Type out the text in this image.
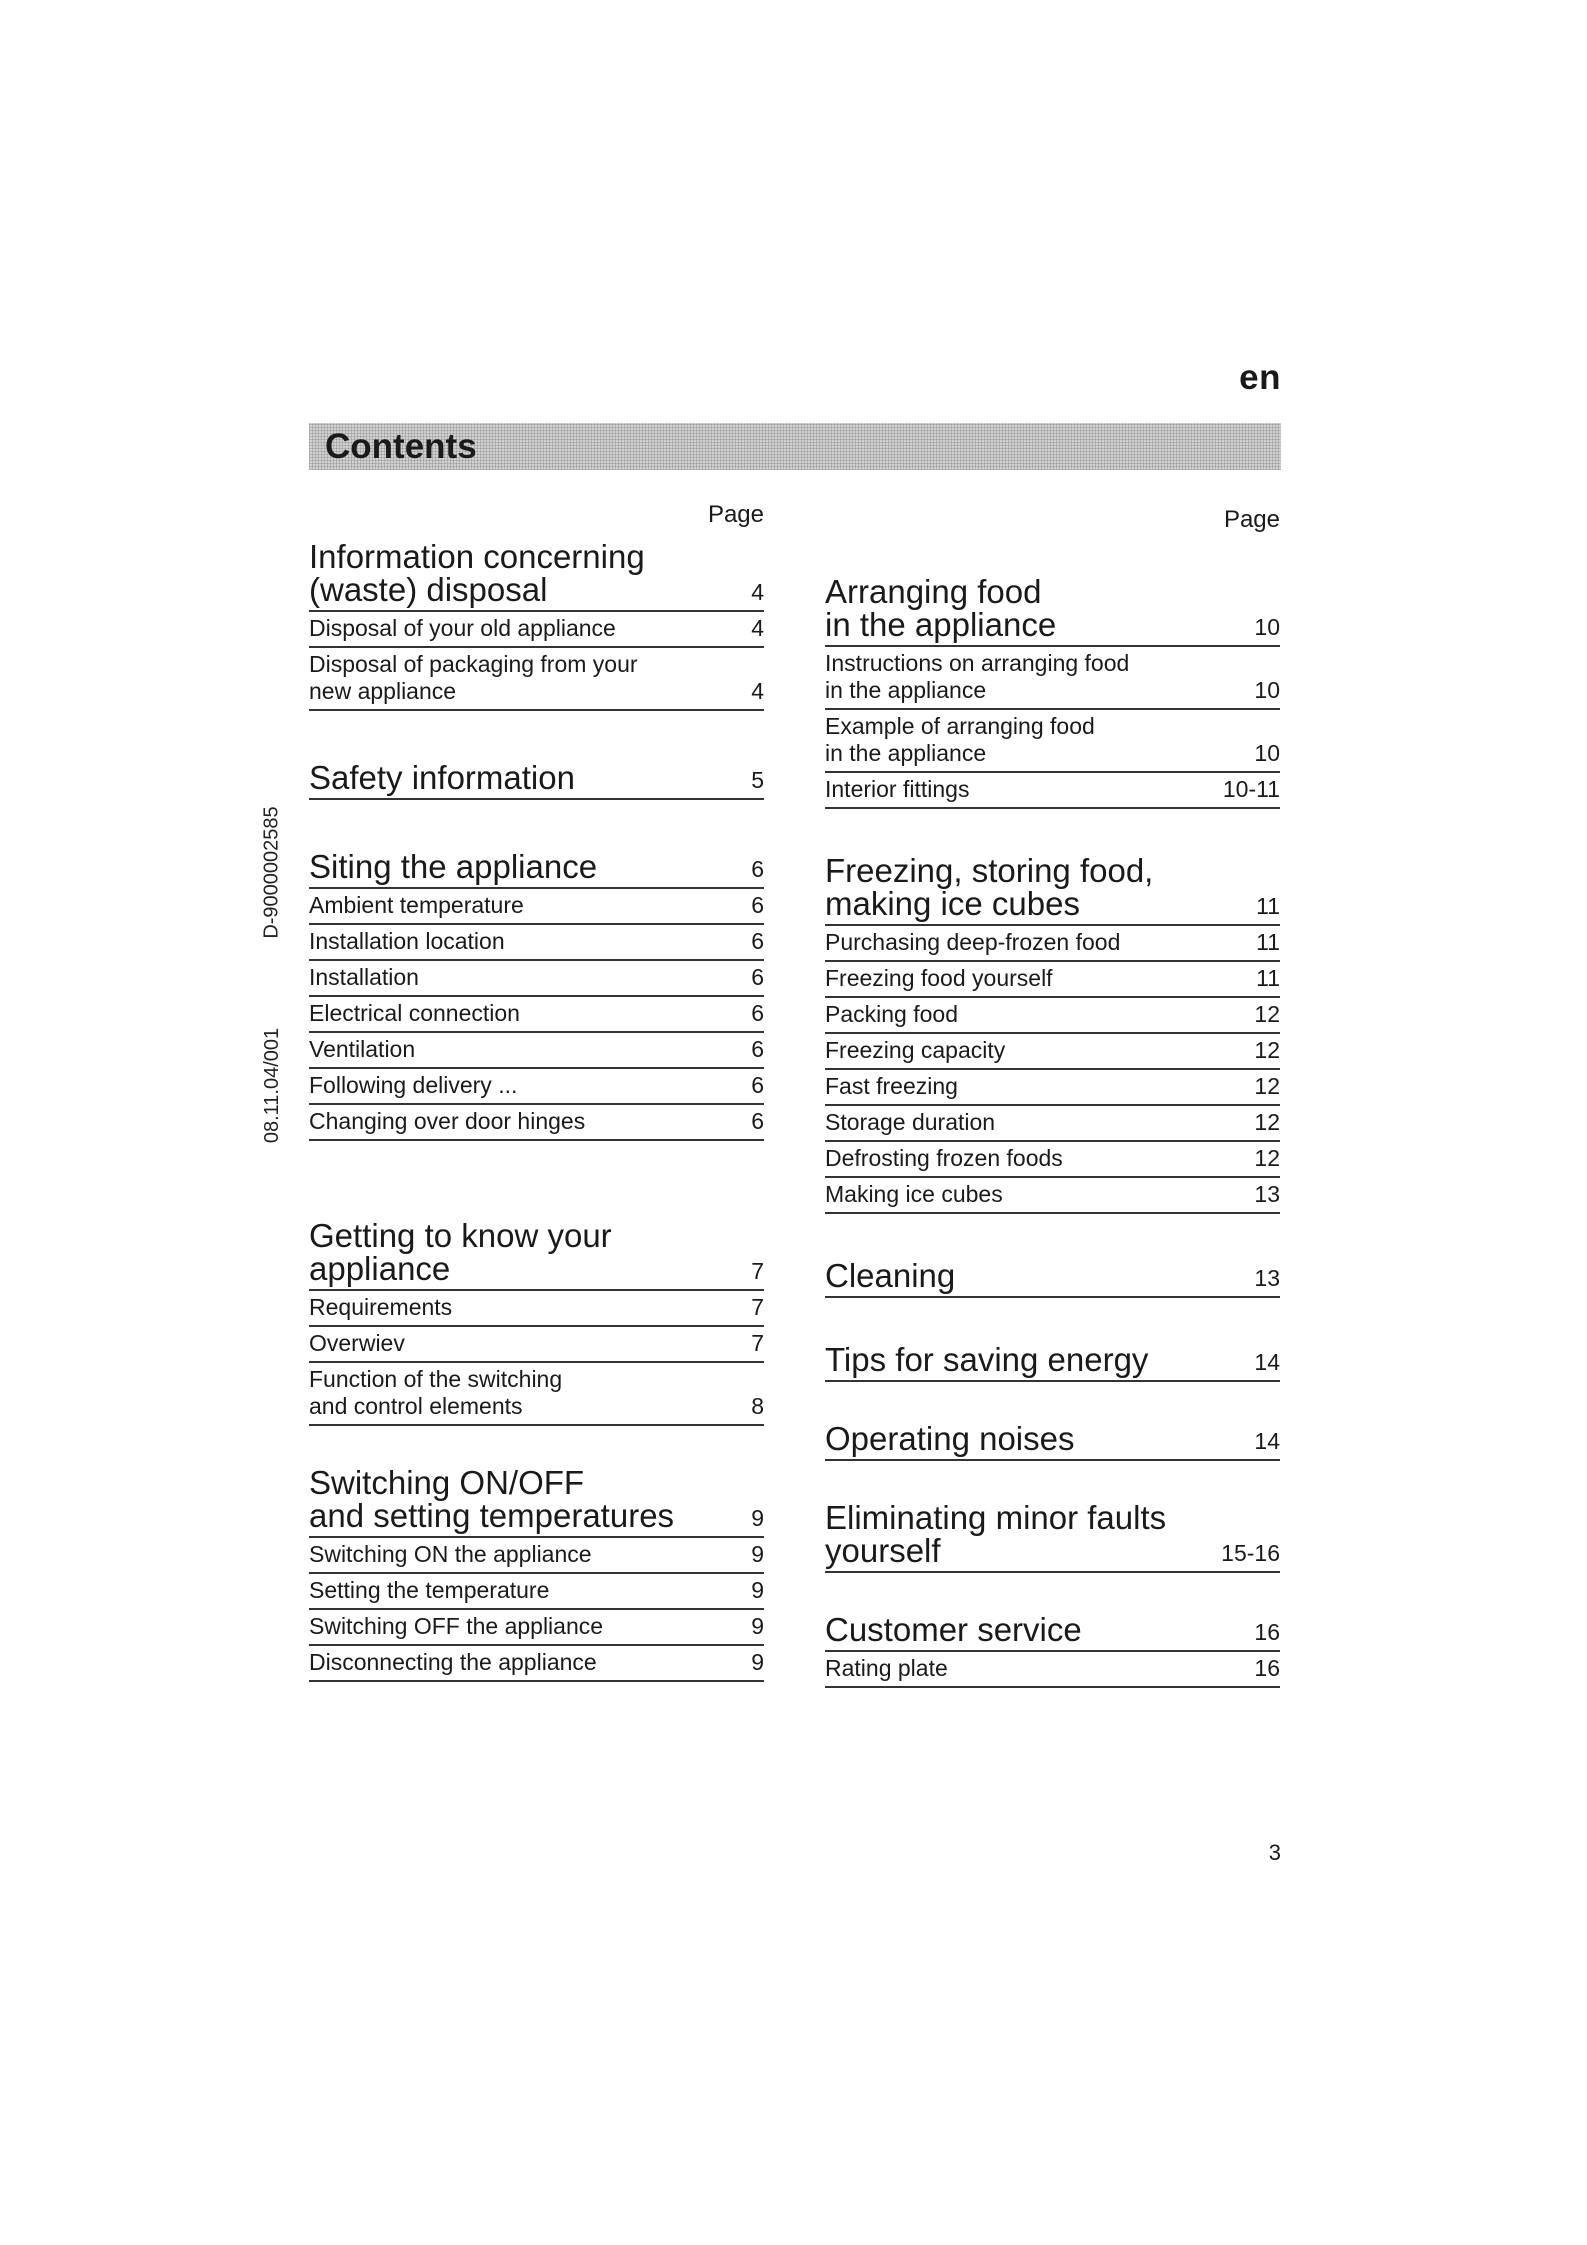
en
Contents
D-9000002585
08.11.04/001
Page
Information concerning
(waste) disposal	4
Disposal of your old appliance	4
Disposal of packaging from your
new appliance	4
Safety information	5
Siting the appliance	6
Ambient temperature	6
Installation location	6
Installation	6
Electrical connection	6
Ventilation	6
Following delivery ...	6
Changing over door hinges	6
Getting to know your
appliance	7
Requirements	7
Overwiev	7
Function of the switching
and control elements	8
Switching ON/OFF
and setting temperatures	9
Switching ON the appliance	9
Setting the temperature	9
Switching OFF the appliance	9
Disconnecting the appliance	9
Page
Arranging food
in the appliance	10
Instructions on arranging food
in the appliance	10
Example of arranging food
in the appliance	10
Interior fittings	10-11
Freezing, storing food,
making ice cubes	11
Purchasing deep-frozen food	11
Freezing food yourself	11
Packing food	12
Freezing capacity	12
Fast freezing	12
Storage duration	12
Defrosting frozen foods	12
Making ice cubes	13
Cleaning	13
Tips for saving energy	14
Operating noises	14
Eliminating minor faults
yourself	15-16
Customer service	16
Rating plate	16
3
